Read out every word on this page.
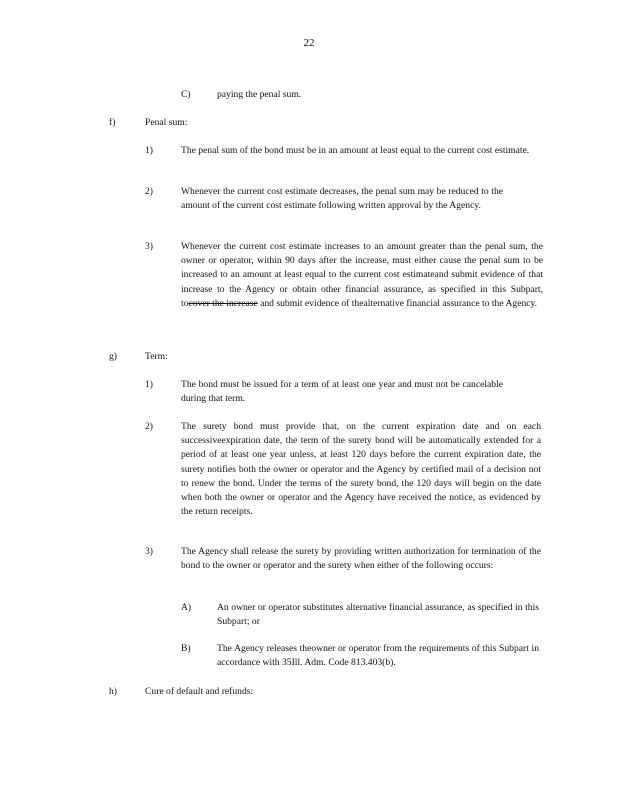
22
C)	paying the penal sum.
f)	Penal sum:
1)	The penal sum of the bond must be in an amount at least equal to the current cost estimate.
2)	Whenever the current cost estimate decreases, the penal sum may be reduced to the amount of the current cost estimate following written approval by the Agency.
3)	Whenever the current cost estimate increases to an amount greater than the penal sum, the owner or operator, within 90 days after the increase, must either cause the penal sum to be increased to an amount at least equal to the current cost estimateand submit evidence of that increase to the Agency or obtain other financial assurance, as specified in this Subpart, tocover the increase and submit evidence of thealternative financial assurance to the Agency.
g)	Term:
1)	The bond must be issued for a term of at least one year and must not be cancelable during that term.
2)	The surety bond must provide that, on the current expiration date and on each successiveexpiration date, the term of the surety bond will be automatically extended for a period of at least one year unless, at least 120 days before the current expiration date, the surety notifies both the owner or operator and the Agency by certified mail of a decision not to renew the bond. Under the terms of the surety bond, the 120 days will begin on the date when both the owner or operator and the Agency have received the notice, as evidenced by the return receipts.
3)	The Agency shall release the surety by providing written authorization for termination of the bond to the owner or operator and the surety when either of the following occurs:
A)	An owner or operator substitutes alternative financial assurance, as specified in this Subpart; or
B)	The Agency releases theowner or operator from the requirements of this Subpart in accordance with 35Ill. Adm. Code 813.403(b).
h)	Cure of default and refunds:
